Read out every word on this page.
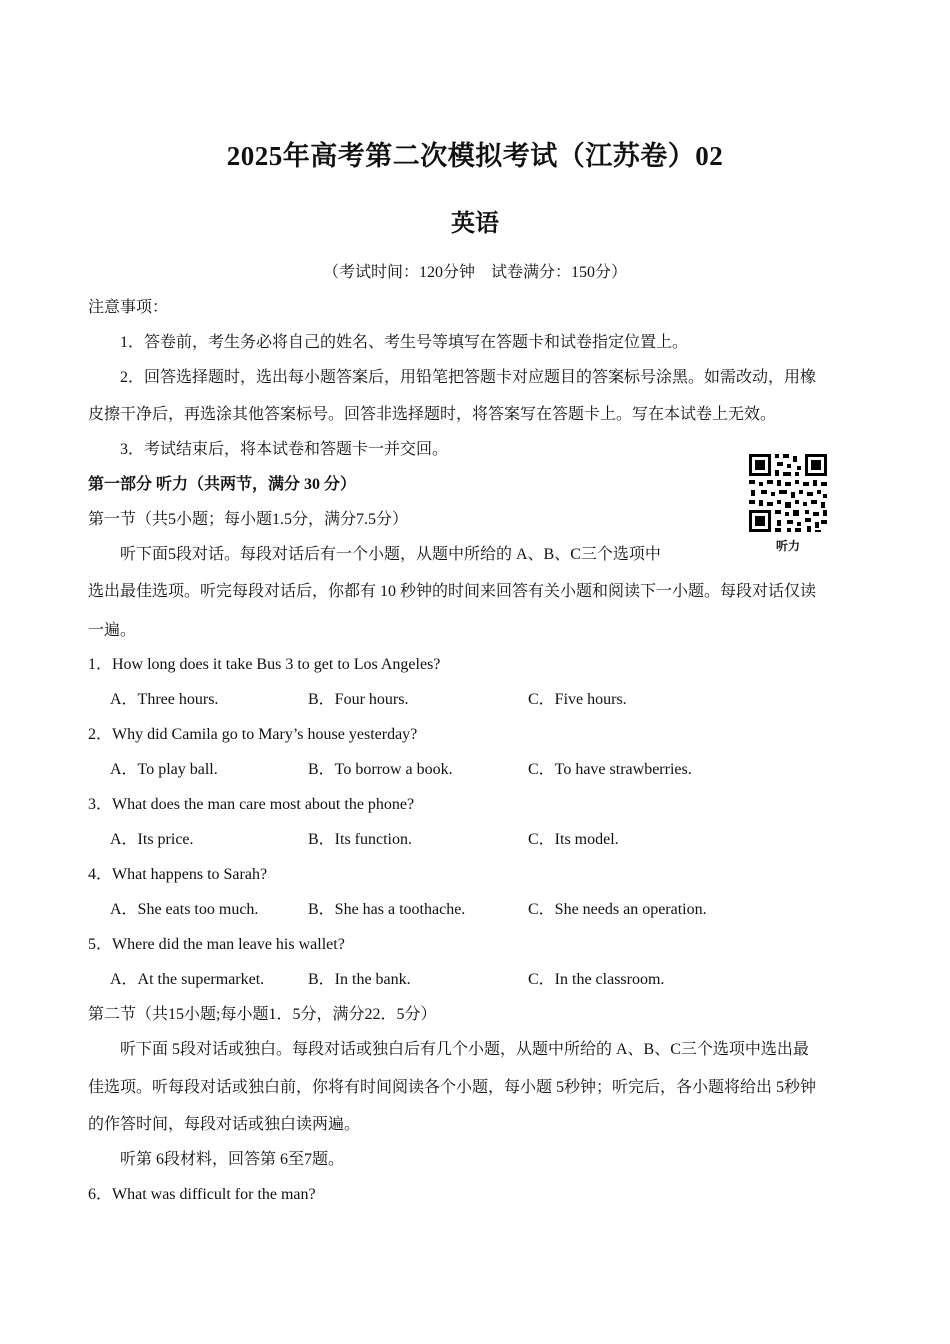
2025年高考第二次模拟考试（江苏卷）02
英语
（考试时间：120分钟　试卷满分：150分）
注意事项：
1．答卷前，考生务必将自己的姓名、考生号等填写在答题卡和试卷指定位置上。
2．回答选择题时，选出每小题答案后，用铅笔把答题卡对应题目的答案标号涂黑。如需改动，用橡
皮擦干净后，再选涂其他答案标号。回答非选择题时，将答案写在答题卡上。写在本试卷上无效。
3．考试结束后，将本试卷和答题卡一并交回。
第一部分 听力（共两节，满分 30 分）
第一节（共5小题；每小题1.5分，满分7.5分）
听力
听下面5段对话。每段对话后有一个小题，从题中所给的 A、B、C三个选项中
选出最佳选项。听完每段对话后，你都有 10 秒钟的时间来回答有关小题和阅读下一小题。每段对话仅读
一遍。
1．How long does it take Bus 3 to get to Los Angeles?
A．Three hours.	B．Four hours.	C．Five hours.
2．Why did Camila go to Mary’s house yesterday?
A．To play ball.	B．To borrow a book.	C．To have strawberries.
3．What does the man care most about the phone?
A．Its price.	B．Its function.	C．Its model.
4．What happens to Sarah?
A．She eats too much.	B．She has a toothache.	C．She needs an operation.
5．Where did the man leave his wallet?
A．At the supermarket.	B．In the bank.	C．In the classroom.
第二节（共15小题;每小题1．5分，满分22．5分）
听下面 5段对话或独白。每段对话或独白后有几个小题，从题中所给的 A、B、C三个选项中选出最
佳选项。听每段对话或独白前，你将有时间阅读各个小题，每小题 5秒钟；听完后，各小题将给出 5秒钟
的作答时间，每段对话或独白读两遍。
听第 6段材料，回答第 6至7题。
6．What was difficult for the man?
